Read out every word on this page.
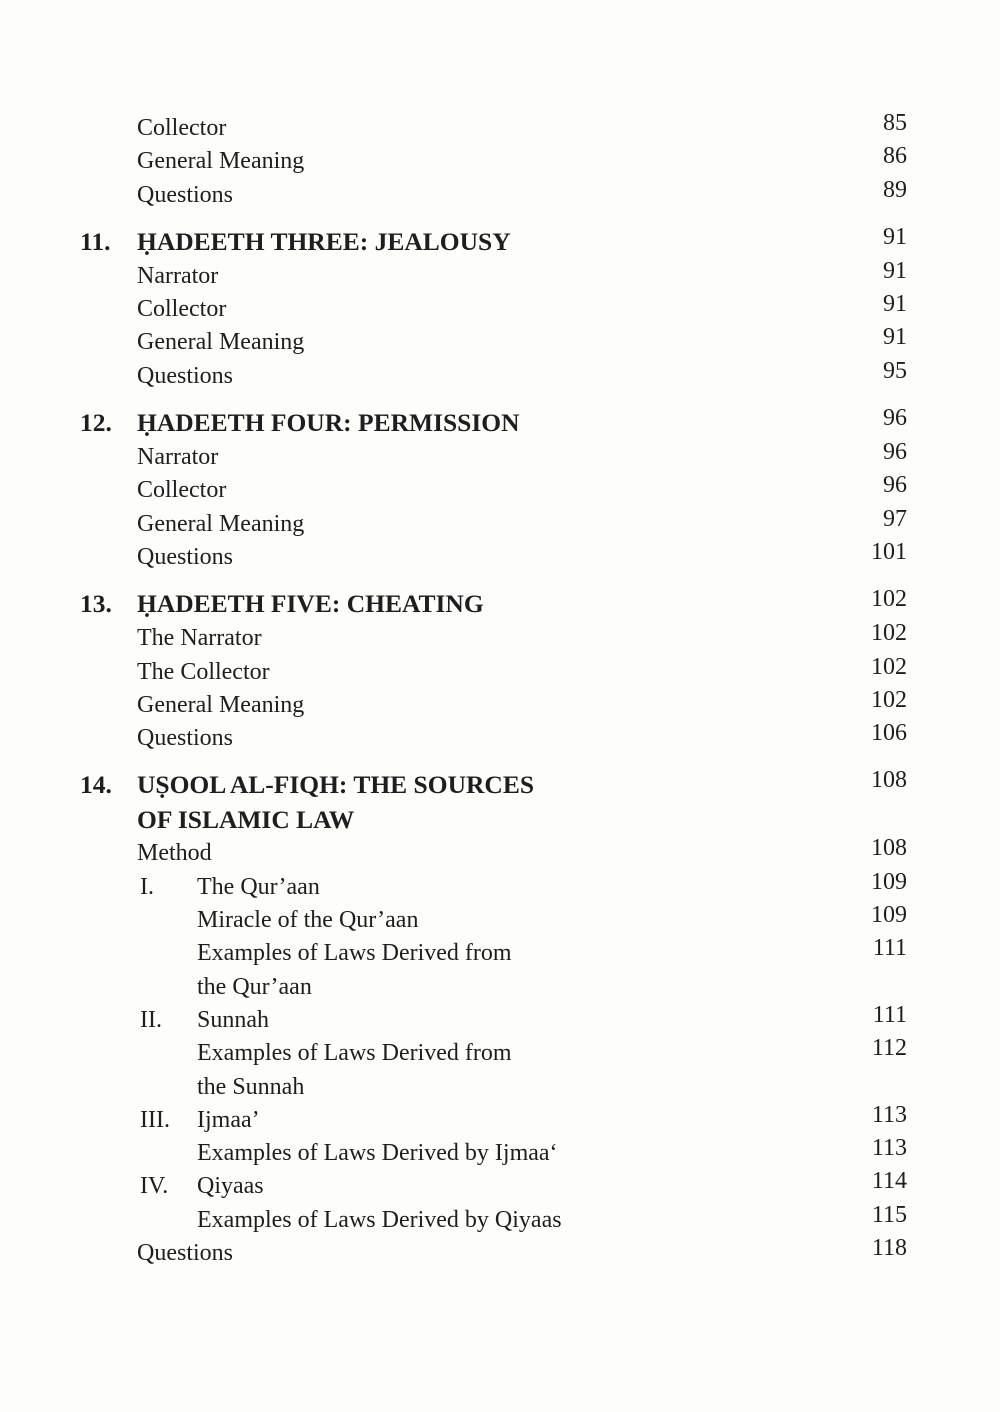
Collector	85
General Meaning	86
Questions	89
11. ḤADEETH THREE: JEALOUSY	91
Narrator	91
Collector	91
General Meaning	91
Questions	95
12. ḤADEETH FOUR: PERMISSION	96
Narrator	96
Collector	96
General Meaning	97
Questions	101
13. ḤADEETH FIVE: CHEATING	102
The Narrator	102
The Collector	102
General Meaning	102
Questions	106
14. UṢOOL AL-FIQH: THE SOURCES	108
OF ISLAMIC LAW
Method	108
I. The Qur’aan	109
Miracle of the Qur’aan	109
Examples of Laws Derived from	111
the Qur’aan
II. Sunnah	111
Examples of Laws Derived from	112
the Sunnah
III. Ijmaa’	113
Examples of Laws Derived by Ijmaa‘	113
IV. Qiyaas	114
Examples of Laws Derived by Qiyaas	115
Questions	118
